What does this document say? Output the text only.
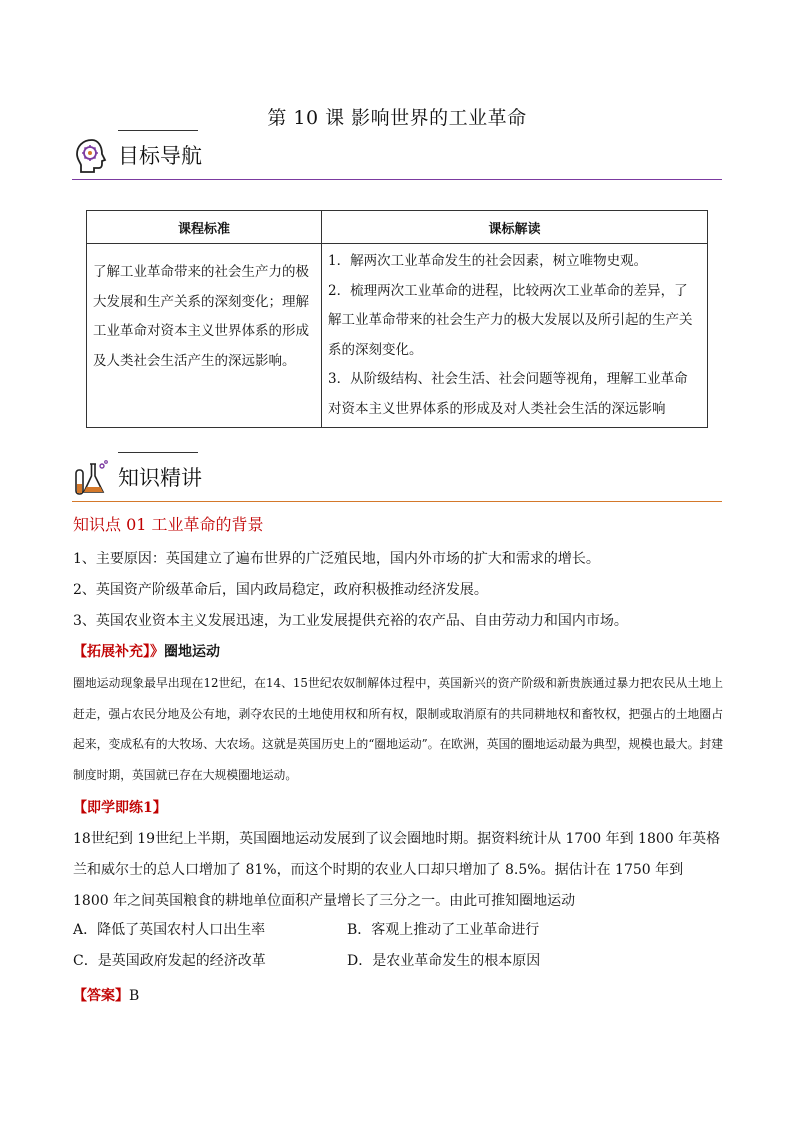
第 10 课 影响世界的工业革命
目标导航
课程标准	课标解读
了解工业革命带来的社会生产力的极大发展和生产关系的深刻变化；理解工业革命对资本主义世界体系的形成及人类社会生活产生的深远影响。	1．解两次工业革命发生的社会因素，树立唯物史观。

2．梳理两次工业革命的进程，比较两次工业革命的差异，了解工业革命带来的社会生产力的极大发展以及所引起的生产关系的深刻变化。

3．从阶级结构、社会生活、社会问题等视角，理解工业革命对资本主义世界体系的形成及对人类社会生活的深远影响

知识精讲
知识点 01 工业革命的背景

1、主要原因：英国建立了遍布世界的广泛殖民地，国内外市场的扩大和需求的增长。

2、英国资产阶级革命后，国内政局稳定，政府积极推动经济发展。

3、英国农业资本主义发展迅速，为工业发展提供充裕的农产品、自由劳动力和国内市场。

【拓展补充】》圈地运动
圈地运动现象最早出现在12世纪，在14、15世纪农奴制解体过程中，英国新兴的资产阶级和新贵族通过暴力把农民从土地上赶走，强占农民分地及公有地，剥夺农民的土地使用权和所有权，限制或取消原有的共同耕地权和畜牧权，把强占的土地圈占起来，变成私有的大牧场、大农场。这就是英国历史上的“圈地运动”。在欧洲，英国的圈地运动最为典型，规模也最大。封建制度时期，英国就已存在大规模圈地运动。
【即学即练1】
18世纪到 19世纪上半期，英国圈地运动发展到了议会圈地时期。据资料统计从 1700 年到 1800 年英格兰和威尔士的总人口增加了 81%，而这个时期的农业人口却只增加了 8.5%。据估计在 1750 年到 1800 年之间英国粮食的耕地单位面积产量增长了三分之一。由此可推知圈地运动
A．降低了英国农村人口出生率	B．客观上推动了工业革命进行
C．是英国政府发起的经济改革	D．是农业革命发生的根本原因
【答案】B
